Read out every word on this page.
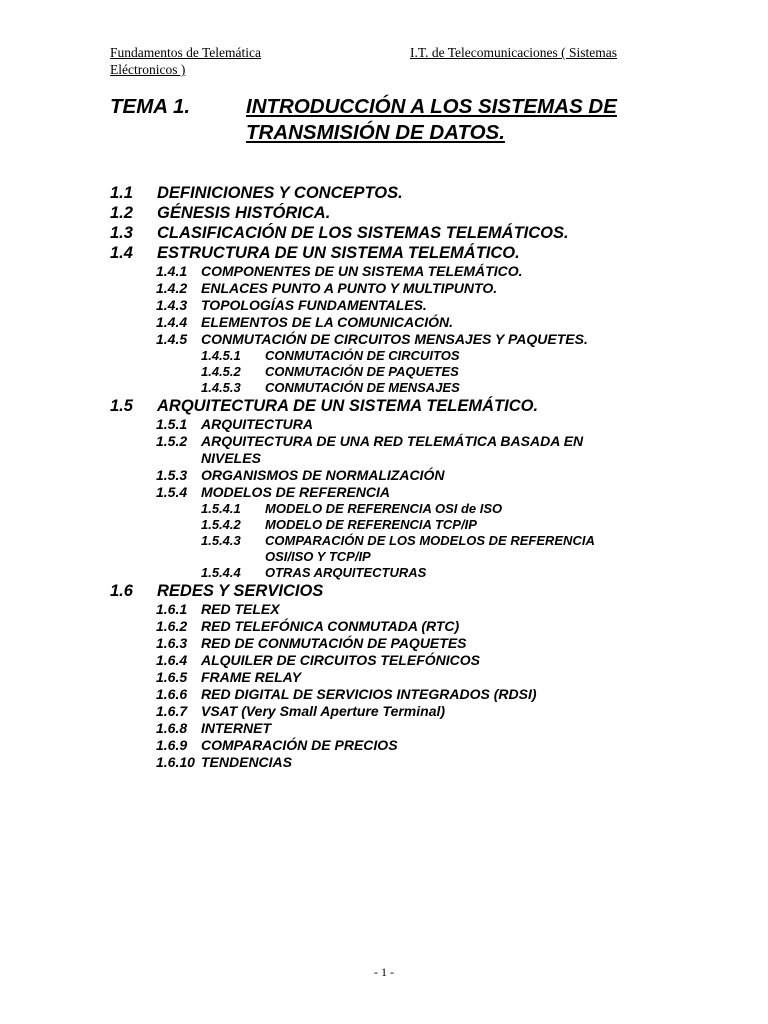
Fundamentos de Telemática	I.T. de Telecomunicaciones ( Sistemas
Eléctronicos )
TEMA 1.	INTRODUCCIÓN A LOS SISTEMAS DE TRANSMISIÓN DE DATOS.
1.1 DEFINICIONES Y CONCEPTOS.
1.2 GÉNESIS HISTÓRICA.
1.3 CLASIFICACIÓN DE LOS SISTEMAS TELEMÁTICOS.
1.4 ESTRUCTURA DE UN SISTEMA TELEMÁTICO.
1.4.1 COMPONENTES DE UN SISTEMA TELEMÁTICO.
1.4.2 ENLACES PUNTO A PUNTO Y MULTIPUNTO.
1.4.3 TOPOLOGÍAS FUNDAMENTALES.
1.4.4 ELEMENTOS DE LA COMUNICACIÓN.
1.4.5 CONMUTACIÓN DE CIRCUITOS MENSAJES Y PAQUETES.
1.4.5.1 CONMUTACIÓN DE CIRCUITOS
1.4.5.2 CONMUTACIÓN DE PAQUETES
1.4.5.3 CONMUTACIÓN DE MENSAJES
1.5 ARQUITECTURA DE UN SISTEMA TELEMÁTICO.
1.5.1 ARQUITECTURA
1.5.2 ARQUITECTURA DE UNA RED TELEMÁTICA BASADA EN NIVELES
1.5.3 ORGANISMOS DE NORMALIZACIÓN
1.5.4 MODELOS DE REFERENCIA
1.5.4.1 MODELO DE REFERENCIA OSI de ISO
1.5.4.2 MODELO DE REFERENCIA TCP/IP
1.5.4.3 COMPARACIÓN DE LOS MODELOS DE REFERENCIA OSI/ISO Y TCP/IP
1.5.4.4 OTRAS ARQUITECTURAS
1.6 REDES Y SERVICIOS
1.6.1 RED TELEX
1.6.2 RED TELEFÓNICA CONMUTADA (RTC)
1.6.3 RED DE CONMUTACIÓN DE PAQUETES
1.6.4 ALQUILER DE CIRCUITOS TELEFÓNICOS
1.6.5 FRAME RELAY
1.6.6 RED DIGITAL DE SERVICIOS INTEGRADOS (RDSI)
1.6.7 VSAT (Very Small Aperture Terminal)
1.6.8 INTERNET
1.6.9 COMPARACIÓN DE PRECIOS
1.6.10 TENDENCIAS
- 1 -
